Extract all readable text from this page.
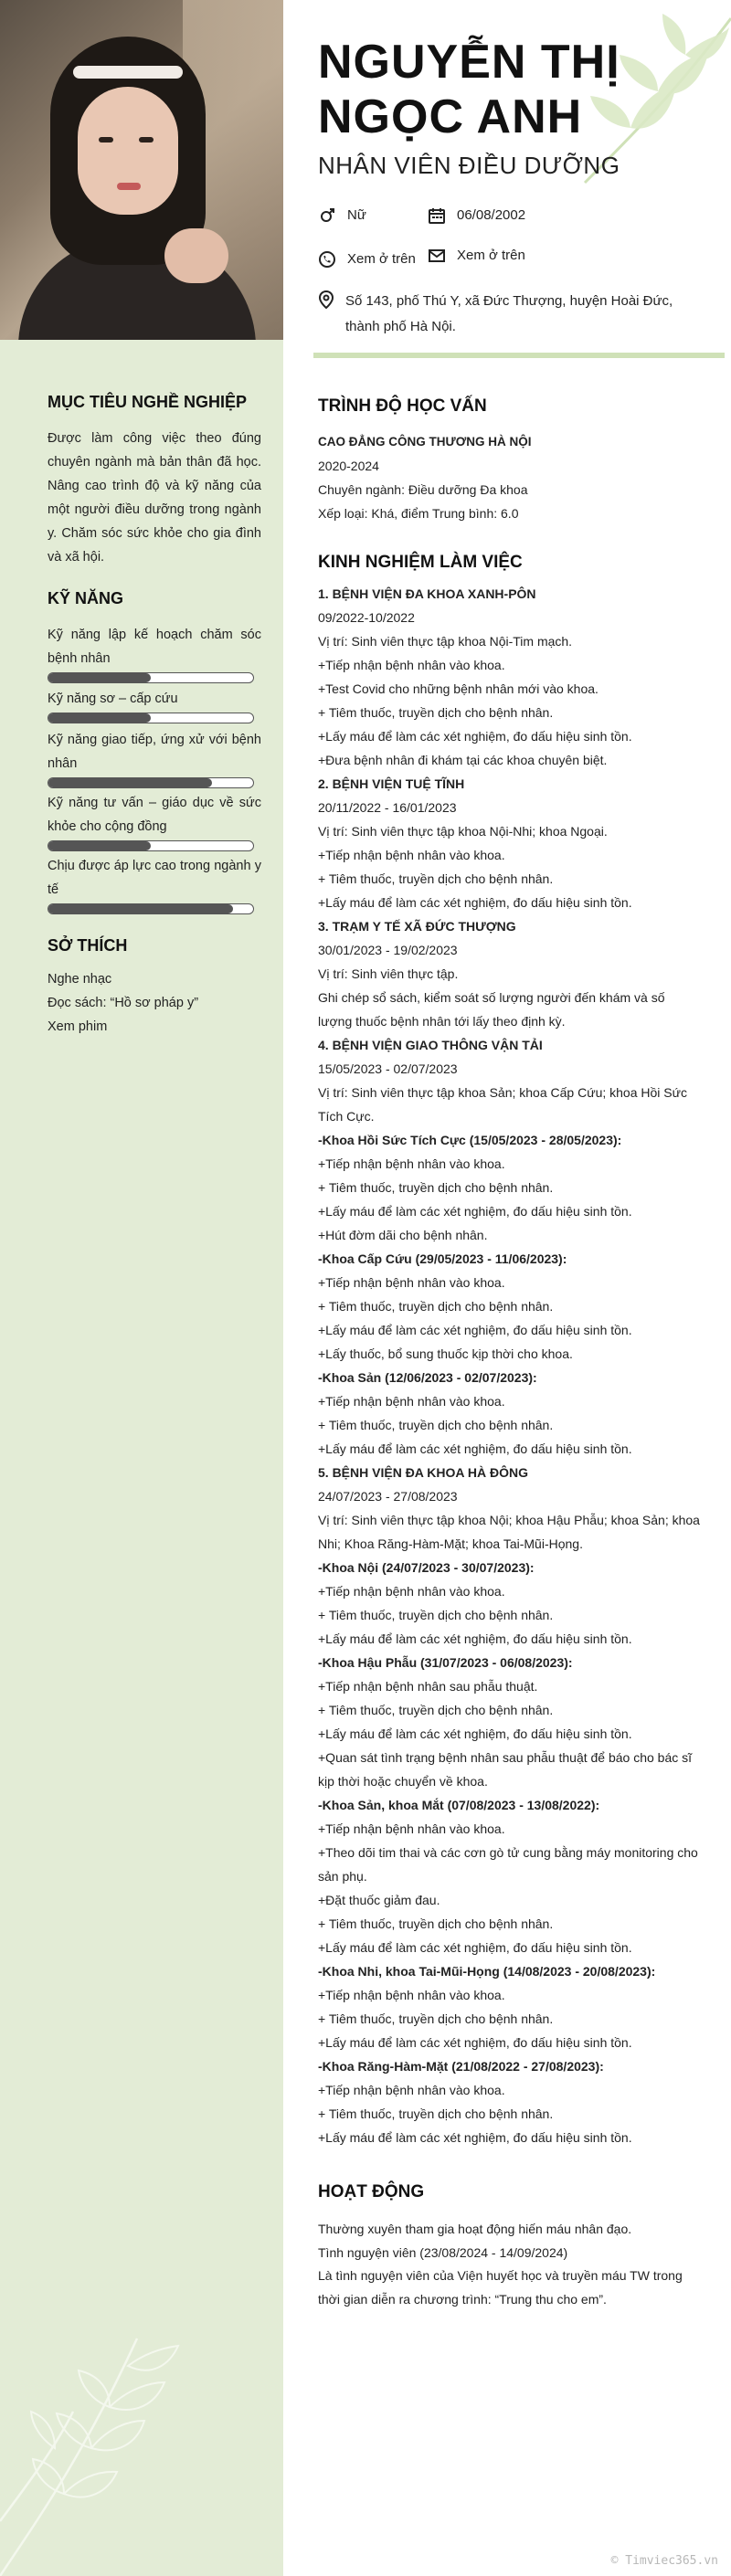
NGUYỄN THỊ
NGỌC ANH
NHÂN VIÊN ĐIỀU DƯỠNG
Nữ	06/08/2002
Xem ở trên	Xem ở trên
Số 143, phố Thú Y, xã Đức Thượng, huyện Hoài Đức,
thành phố Hà Nội.
MỤC TIÊU NGHỀ NGHIỆP
Được làm công việc theo đúng chuyên ngành mà bản thân đã học. Nâng cao trình độ và kỹ năng của một người điều dưỡng trong ngành y. Chăm sóc sức khỏe cho gia đình và xã hội.
KỸ NĂNG
Kỹ năng lập kế hoạch chăm sóc bệnh nhân
Kỹ năng sơ – cấp cứu
Kỹ năng giao tiếp, ứng xử với bệnh nhân
Kỹ năng tư vấn – giáo dục về sức khỏe cho cộng đồng
Chịu được áp lực cao trong ngành y tế
SỞ THÍCH
Nghe nhạc
Đọc sách: “Hồ sơ pháp y”
Xem phim
TRÌNH ĐỘ HỌC VẤN
CAO ĐẲNG CÔNG THƯƠNG HÀ NỘI
2020-2024
Chuyên ngành: Điều dưỡng Đa khoa
Xếp loại: Khá, điểm Trung bình: 6.0
KINH NGHIỆM LÀM VIỆC
1. BỆNH VIỆN ĐA KHOA XANH-PÔN
09/2022-10/2022
Vị trí: Sinh viên thực tập khoa Nội-Tim mạch.
+Tiếp nhận bệnh nhân vào khoa.
+Test Covid cho những bệnh nhân mới vào khoa.
+ Tiêm thuốc, truyền dịch cho bệnh nhân.
+Lấy máu để làm các xét nghiệm, đo dấu hiệu sinh tồn.
+Đưa bệnh nhân đi khám tại các khoa chuyên biệt.
2. BỆNH VIỆN TUỆ TĨNH
20/11/2022 - 16/01/2023
Vị trí: Sinh viên thực tập khoa Nội-Nhi; khoa Ngoại.
+Tiếp nhận bệnh nhân vào khoa.
+ Tiêm thuốc, truyền dịch cho bệnh nhân.
+Lấy máu để làm các xét nghiệm, đo dấu hiệu sinh tồn.
3. TRẠM Y TẾ XÃ ĐỨC THƯỢNG
30/01/2023 - 19/02/2023
Vị trí: Sinh viên thực tập.
Ghi chép sổ sách, kiểm soát số lượng người đến khám và số lượng thuốc bệnh nhân tới lấy theo định kỳ.
4. BỆNH VIỆN GIAO THÔNG VẬN TẢI
15/05/2023 - 02/07/2023
Vị trí: Sinh viên thực tập khoa Sản; khoa Cấp Cứu; khoa Hồi Sức Tích Cực.
-Khoa Hồi Sức Tích Cực (15/05/2023 - 28/05/2023):
+Tiếp nhận bệnh nhân vào khoa.
+ Tiêm thuốc, truyền dịch cho bệnh nhân.
+Lấy máu để làm các xét nghiệm, đo dấu hiệu sinh tồn.
+Hút đờm dãi cho bệnh nhân.
-Khoa Cấp Cứu (29/05/2023 - 11/06/2023):
+Tiếp nhận bệnh nhân vào khoa.
+ Tiêm thuốc, truyền dịch cho bệnh nhân.
+Lấy máu để làm các xét nghiệm, đo dấu hiệu sinh tồn.
+Lấy thuốc, bổ sung thuốc kịp thời cho khoa.
-Khoa Sản (12/06/2023 - 02/07/2023):
+Tiếp nhận bệnh nhân vào khoa.
+ Tiêm thuốc, truyền dịch cho bệnh nhân.
+Lấy máu để làm các xét nghiệm, đo dấu hiệu sinh tồn.
5. BỆNH VIỆN ĐA KHOA HÀ ĐÔNG
24/07/2023 - 27/08/2023
Vị trí: Sinh viên thực tập khoa Nội; khoa Hậu Phẫu; khoa Sản; khoa Nhi; Khoa Răng-Hàm-Mặt; khoa Tai-Mũi-Họng.
-Khoa Nội (24/07/2023 - 30/07/2023):
+Tiếp nhận bệnh nhân vào khoa.
+ Tiêm thuốc, truyền dịch cho bệnh nhân.
+Lấy máu để làm các xét nghiệm, đo dấu hiệu sinh tồn.
-Khoa Hậu Phẫu (31/07/2023 - 06/08/2023):
+Tiếp nhận bệnh nhân sau phẫu thuật.
+ Tiêm thuốc, truyền dịch cho bệnh nhân.
+Lấy máu để làm các xét nghiệm, đo dấu hiệu sinh tồn.
+Quan sát tình trạng bệnh nhân sau phẫu thuật để báo cho bác sĩ kịp thời hoặc chuyển về khoa.
-Khoa Sản, khoa Mắt (07/08/2023 - 13/08/2022):
+Tiếp nhận bệnh nhân vào khoa.
+Theo dõi tim thai và các cơn gò tử cung bằng máy monitoring cho sản phụ.
+Đặt thuốc giảm đau.
+ Tiêm thuốc, truyền dịch cho bệnh nhân.
+Lấy máu để làm các xét nghiệm, đo dấu hiệu sinh tồn.
-Khoa Nhi, khoa Tai-Mũi-Họng (14/08/2023 - 20/08/2023):
+Tiếp nhận bệnh nhân vào khoa.
+ Tiêm thuốc, truyền dịch cho bệnh nhân.
+Lấy máu để làm các xét nghiệm, đo dấu hiệu sinh tồn.
-Khoa Răng-Hàm-Mặt (21/08/2022 - 27/08/2023):
+Tiếp nhận bệnh nhân vào khoa.
+ Tiêm thuốc, truyền dịch cho bệnh nhân.
+Lấy máu để làm các xét nghiệm, đo dấu hiệu sinh tồn.
HOẠT ĐỘNG
Thường xuyên tham gia hoạt động hiến máu nhân đạo.
Tình nguyện viên (23/08/2024 - 14/09/2024)
Là tình nguyện viên của Viện huyết học và truyền máu TW trong thời gian diễn ra chương trình: “Trung thu cho em”.
© Timviec365.vn
